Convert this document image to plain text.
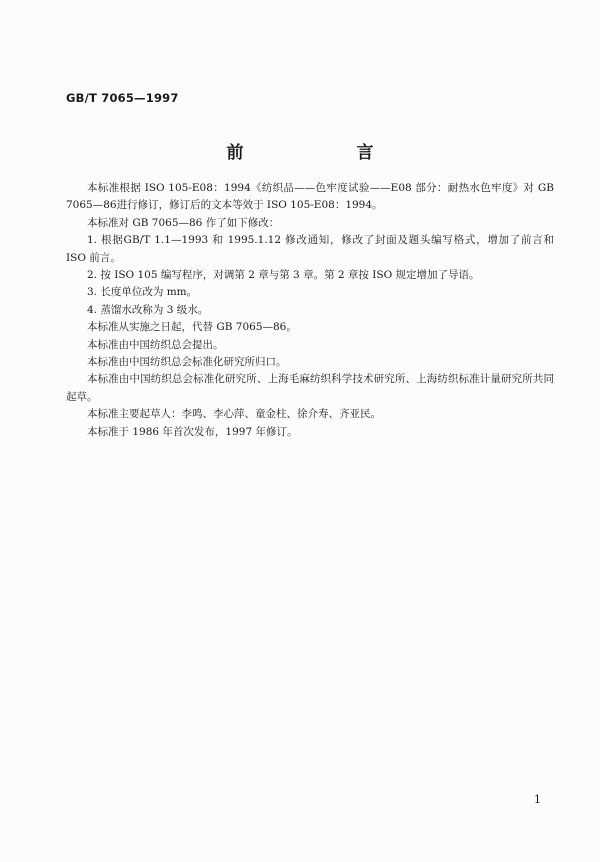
GB/T 7065—1997
前　言

本标准根据 ISO 105-E08：1994《纺织品——色牢度试验——E08 部分：耐热水色牢度》对 GB 7065—86进行修订，修订后的文本等效于 ISO 105-E08：1994。

本标准对 GB 7065—86 作了如下修改：

1. 根据GB/T 1.1—1993 和 1995.1.12 修改通知，修改了封面及题头编写格式，增加了前言和 ISO 前言。

2. 按 ISO 105 编写程序，对调第 2 章与第 3 章。第 2 章按 ISO 规定增加了导语。

3. 长度单位改为 mm。

4. 蒸馏水改称为 3 级水。

本标准从实施之日起，代替 GB 7065—86。

本标准由中国纺织总会提出。

本标准由中国纺织总会标准化研究所归口。

本标准由中国纺织总会标准化研究所、上海毛麻纺织科学技术研究所、上海纺织标准计量研究所共同起草。

本标准主要起草人：李鸣、李心萍、童金柱、徐介寿、齐亚民。

本标准于 1986 年首次发布，1997 年修订。

1
